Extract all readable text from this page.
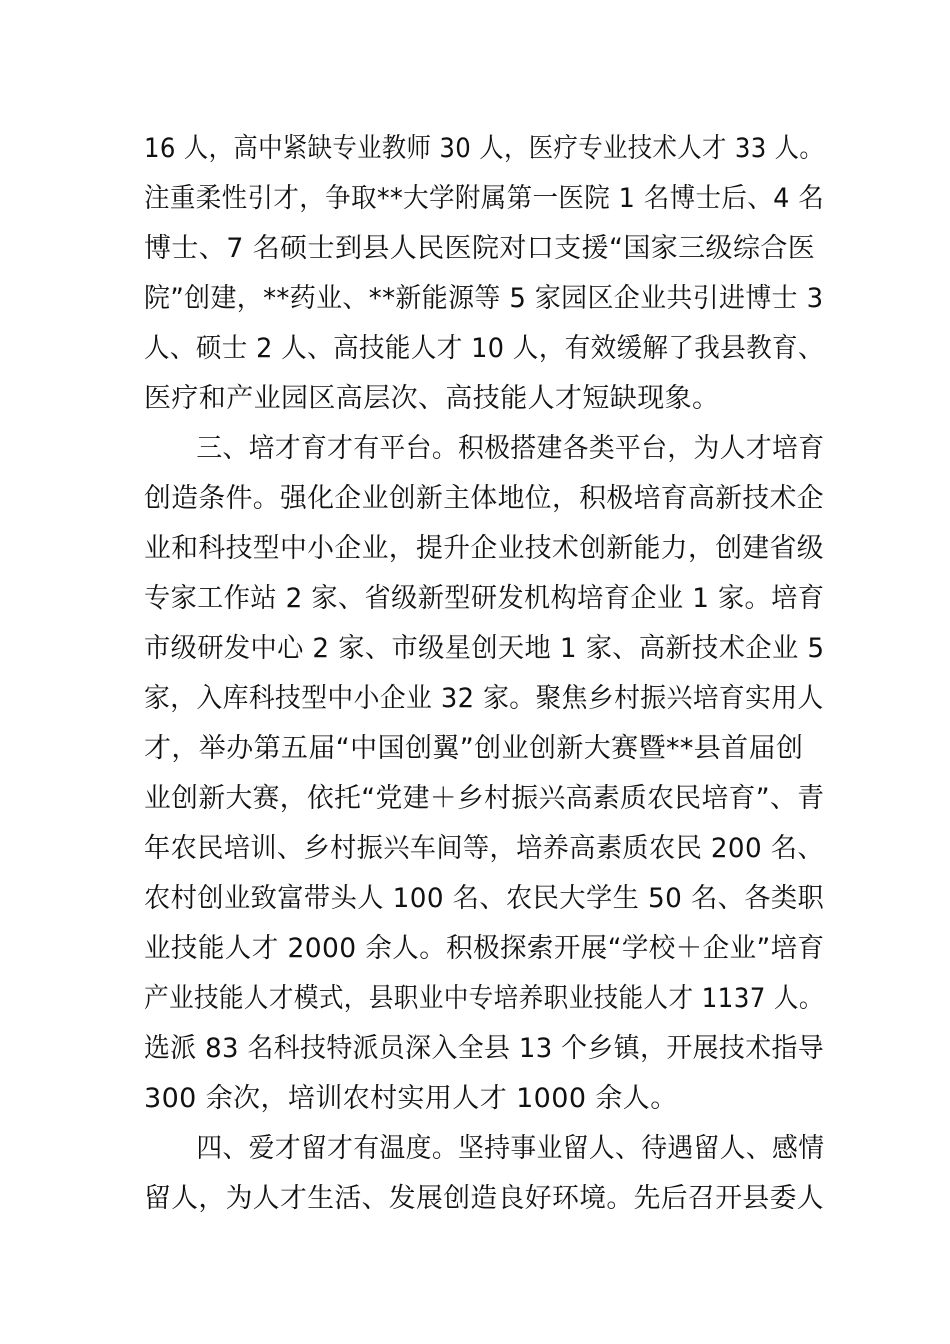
16 人，高中紧缺专业教师 30 人，医疗专业技术人才 33 人。
注重柔性引才，争取**大学附属第一医院 1 名博士后、4 名
博士、7 名硕士到县人民医院对口支援“国家三级综合医
院”创建，**药业、**新能源等 5 家园区企业共引进博士 3
人、硕士 2 人、高技能人才 10 人，有效缓解了我县教育、
医疗和产业园区高层次、高技能人才短缺现象。
　　三、培才育才有平台。积极搭建各类平台，为人才培育
创造条件。强化企业创新主体地位，积极培育高新技术企
业和科技型中小企业，提升企业技术创新能力，创建省级
专家工作站 2 家、省级新型研发机构培育企业 1 家。培育
市级研发中心 2 家、市级星创天地 1 家、高新技术企业 5
家，入库科技型中小企业 32 家。聚焦乡村振兴培育实用人
才，举办第五届“中国创翼”创业创新大赛暨**县首届创
业创新大赛，依托“党建＋乡村振兴高素质农民培育”、青
年农民培训、乡村振兴车间等，培养高素质农民 200 名、
农村创业致富带头人 100 名、农民大学生 50 名、各类职
业技能人才 2000 余人。积极探索开展“学校＋企业”培育
产业技能人才模式，县职业中专培养职业技能人才 1137 人。
选派 83 名科技特派员深入全县 13 个乡镇，开展技术指导
300 余次，培训农村实用人才 1000 余人。
　　四、爱才留才有温度。坚持事业留人、待遇留人、感情
留人，为人才生活、发展创造良好环境。先后召开县委人
